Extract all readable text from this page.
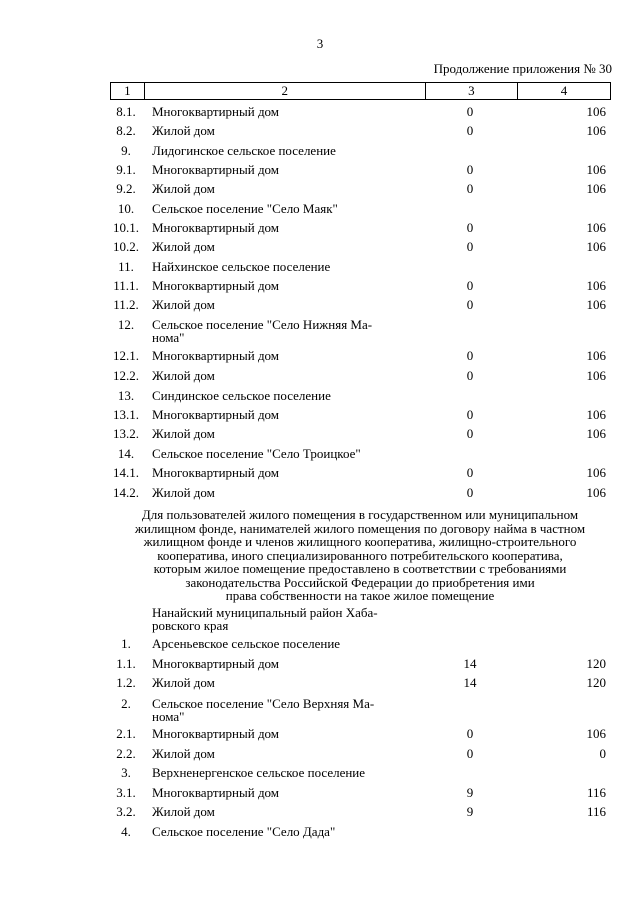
3
Продолжение приложения № 30
1	2	3	4
8.1.	Многоквартирный дом	0	106
8.2.	Жилой дом	0	106
9.	Лидогинское сельское поселение
9.1.	Многоквартирный дом	0	106
9.2.	Жилой дом	0	106
10.	Сельское поселение "Село Маяк"
10.1.	Многоквартирный дом	0	106
10.2.	Жилой дом	0	106
11.	Найхинское сельское поселение
11.1.	Многоквартирный дом	0	106
11.2.	Жилой дом	0	106
12.	Сельское поселение "Село Нижняя Ма-
нома"
12.1.	Многоквартирный дом	0	106
12.2.	Жилой дом	0	106
13.	Синдинское сельское поселение
13.1.	Многоквартирный дом	0	106
13.2.	Жилой дом	0	106
14.	Сельское поселение "Село Троицкое"
14.1.	Многоквартирный дом	0	106
14.2.	Жилой дом	0	106
Для пользователей жилого помещения в государственном или муниципальном
жилищном фонде, нанимателей жилого помещения по договору найма в частном
жилищном фонде и членов жилищного кооператива, жилищно-строительного
кооператива, иного специализированного потребительского кооператива,
которым жилое помещение предоставлено в соответствии с требованиями
законодательства Российской Федерации до приобретения ими
права собственности на такое жилое помещение
Нанайский муниципальный район Хаба-
ровского края
1.	Арсеньевское сельское поселение
1.1.	Многоквартирный дом	14	120
1.2.	Жилой дом	14	120
2.	Сельское поселение "Село Верхняя Ма-
нома"
2.1.	Многоквартирный дом	0	106
2.2.	Жилой дом	0	0
3.	Верхненергенское сельское поселение
3.1.	Многоквартирный дом	9	116
3.2.	Жилой дом	9	116
4.	Сельское поселение "Село Дада"
